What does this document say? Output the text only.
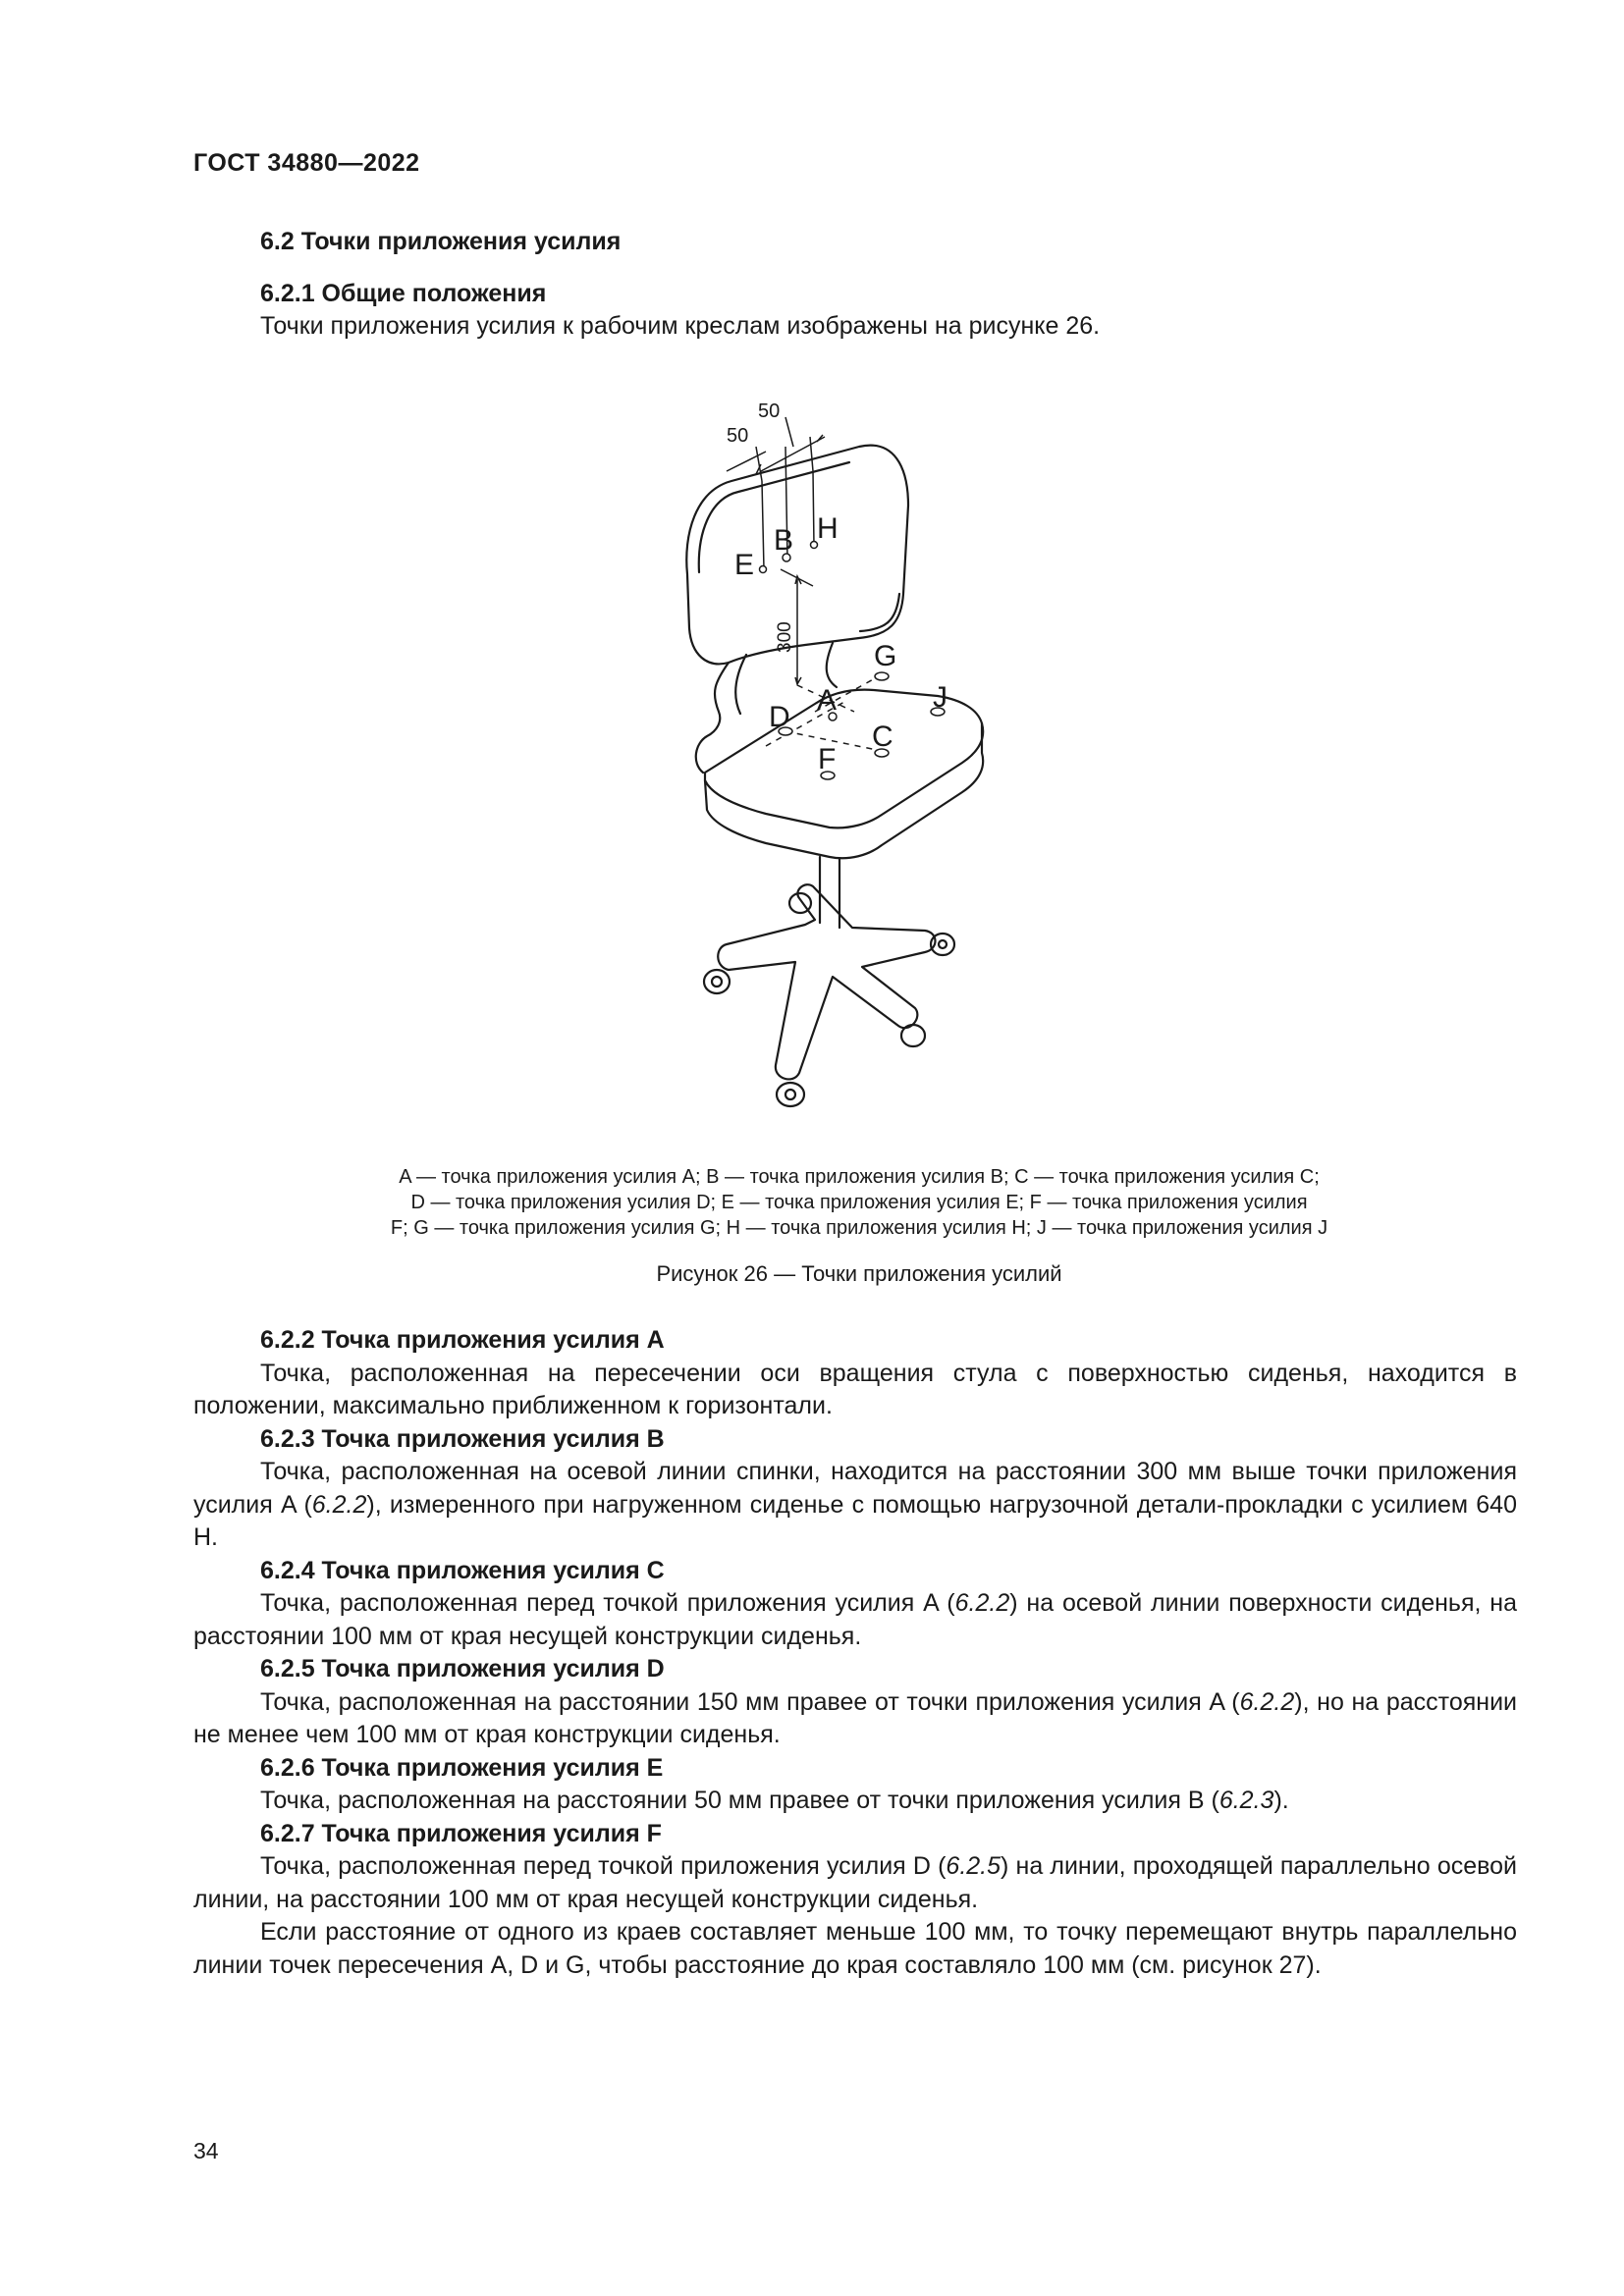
ГОСТ 34880—2022
6.2 Точки приложения усилия
6.2.1 Общие положения
Точки приложения усилия к рабочим креслам изображены на рисунке 26.
50
50
300
E
B H
A
G
J
D
C
F
A — точка приложения усилия A; B — точка приложения усилия B; C — точка приложения усилия C;
D — точка приложения усилия D; E — точка приложения усилия E; F — точка приложения усилия
F; G — точка приложения усилия G; H — точка приложения усилия H; J — точка приложения усилия J
Рисунок 26 — Точки приложения усилий
6.2.2 Точка приложения усилия A

Точка, расположенная на пересечении оси вращения стула с поверхностью сиденья, находится в положении, максимально приближенном к горизонтали.

6.2.3 Точка приложения усилия B

Точка, расположенная на осевой линии спинки, находится на расстоянии 300 мм выше точки приложения усилия A (6.2.2), измеренного при нагруженном сиденье с помощью нагрузочной детали-прокладки с усилием 640 Н.

6.2.4 Точка приложения усилия C

Точка, расположенная перед точкой приложения усилия A (6.2.2) на осевой линии поверхности сиденья, на расстоянии 100 мм от края несущей конструкции сиденья.

6.2.5 Точка приложения усилия D

Точка, расположенная на расстоянии 150 мм правее от точки приложения усилия A (6.2.2), но на расстоянии не менее чем 100 мм от края конструкции сиденья.

6.2.6 Точка приложения усилия E

Точка, расположенная на расстоянии 50 мм правее от точки приложения усилия B (6.2.3).

6.2.7 Точка приложения усилия F

Точка, расположенная перед точкой приложения усилия D (6.2.5) на линии, проходящей параллельно осевой линии, на расстоянии 100 мм от края несущей конструкции сиденья.

Если расстояние от одного из краев составляет меньше 100 мм, то точку перемещают внутрь параллельно линии точек пересечения A, D и G, чтобы расстояние до края составляло 100 мм (см. рисунок 27).

34
